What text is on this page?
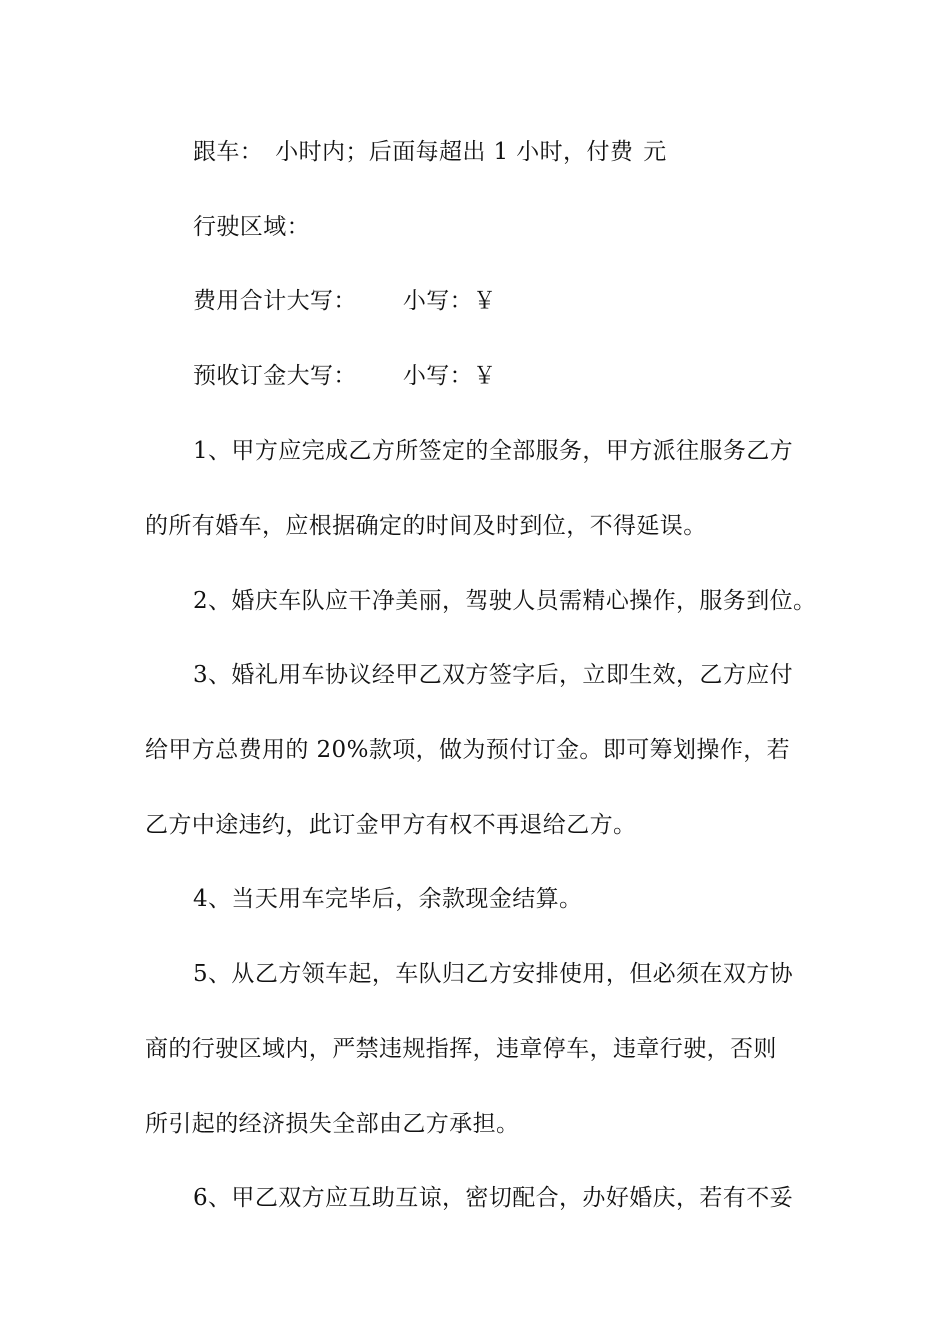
跟车： 小时内；后面每超出 1 小时，付费 元

行驶区域：

费用合计大写： 小写：￥

预收订金大写： 小写：￥

1、甲方应完成乙方所签定的全部服务，甲方派往服务乙方

的所有婚车，应根据确定的时间及时到位，不得延误。

2、婚庆车队应干净美丽，驾驶人员需精心操作，服务到位。

3、婚礼用车协议经甲乙双方签字后，立即生效，乙方应付

给甲方总费用的 20%款项，做为预付订金。即可筹划操作，若

乙方中途违约，此订金甲方有权不再退给乙方。

4、当天用车完毕后，余款现金结算。

5、从乙方领车起，车队归乙方安排使用，但必须在双方协

商的行驶区域内，严禁违规指挥，违章停车，违章行驶，否则

所引起的经济损失全部由乙方承担。

6、甲乙双方应互助互谅，密切配合，办好婚庆，若有不妥
